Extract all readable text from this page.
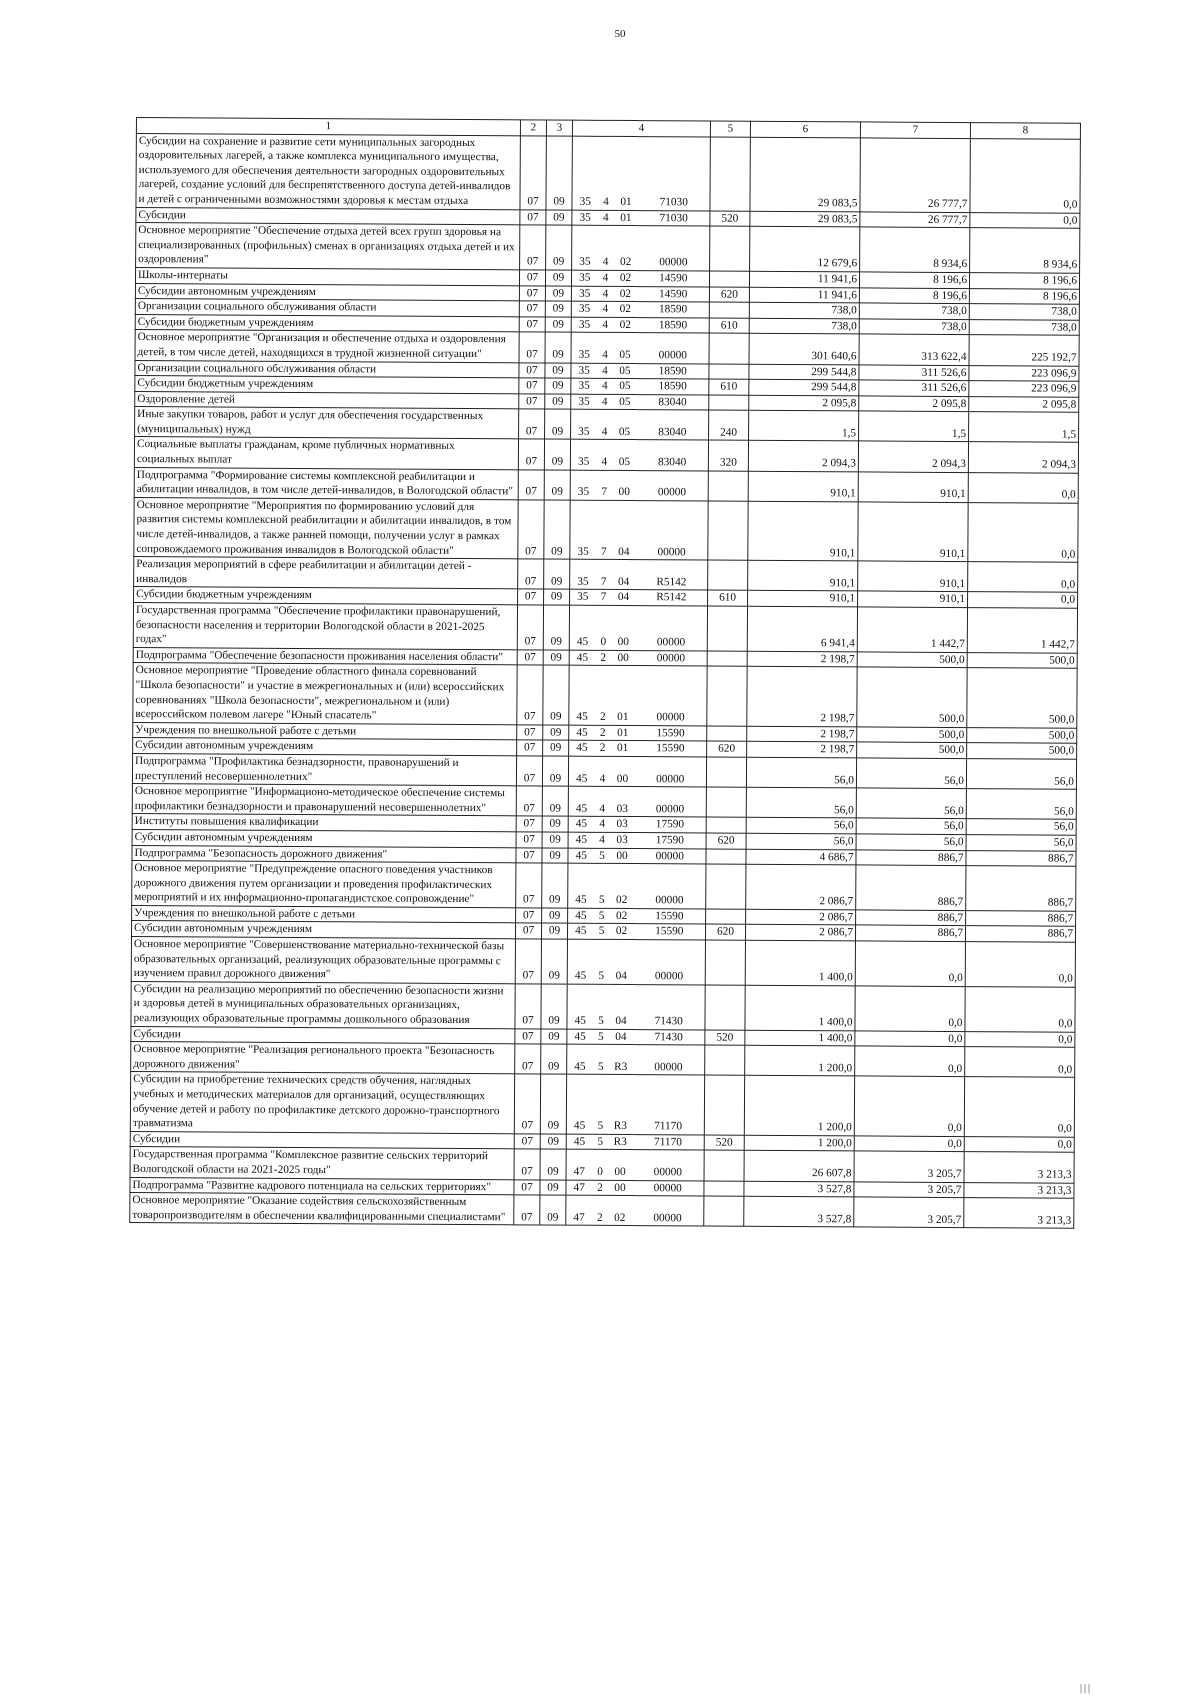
50
1	2	3	4				5	6	7	8
Субсидии на сохранение и развитие сети муниципальных загородных оздоровительных лагерей, а также комплекса муниципального имущества, используемого для обеспечения деятельности загородных оздоровительных лагерей, создание условий для беспрепятственного доступа детей-инвалидов и детей с ограниченными возможностями здоровья к местам отдыха	07	09	35	4	01	71030		29 083,5	26 777,7	0,0
Субсидии	07	09	35	4	01	71030	520	29 083,5	26 777,7	0,0
Основное мероприятие "Обеспечение отдыха детей всех групп здоровья на специализированных (профильных) сменах в организациях отдыха детей и их оздоровления"	07	09	35	4	02	00000		12 679,6	8 934,6	8 934,6
Школы-интернаты	07	09	35	4	02	14590		11 941,6	8 196,6	8 196,6
Субсидии автономным учреждениям	07	09	35	4	02	14590	620	11 941,6	8 196,6	8 196,6
Организации социального обслуживания области	07	09	35	4	02	18590		738,0	738,0	738,0
Субсидии бюджетным учреждениям	07	09	35	4	02	18590	610	738,0	738,0	738,0
Основное мероприятие "Организация и обеспечение отдыха и оздоровления детей, в том числе детей, находящихся в трудной жизненной ситуации"	07	09	35	4	05	00000		301 640,6	313 622,4	225 192,7
Организации социального обслуживания области	07	09	35	4	05	18590		299 544,8	311 526,6	223 096,9
Субсидии бюджетным учреждениям	07	09	35	4	05	18590	610	299 544,8	311 526,6	223 096,9
Оздоровление детей	07	09	35	4	05	83040		2 095,8	2 095,8	2 095,8
Иные закупки товаров, работ и услуг для обеспечения государственных (муниципальных) нужд	07	09	35	4	05	83040	240	1,5	1,5	1,5
Социальные выплаты гражданам, кроме публичных нормативных социальных выплат	07	09	35	4	05	83040	320	2 094,3	2 094,3	2 094,3
Подпрограмма "Формирование системы комплексной реабилитации и абилитации инвалидов, в том числе детей-инвалидов, в Вологодской области"	07	09	35	7	00	00000		910,1	910,1	0,0
Основное мероприятие "Мероприятия по формированию условий для развития системы комплексной реабилитации и абилитации инвалидов, в том числе детей-инвалидов, а также ранней помощи, получении услуг в рамках сопровождаемого проживания инвалидов в Вологодской области"	07	09	35	7	04	00000		910,1	910,1	0,0
Реализация мероприятий в сфере реабилитации и абилитации детей - инвалидов	07	09	35	7	04	R5142		910,1	910,1	0,0
Субсидии бюджетным учреждениям	07	09	35	7	04	R5142	610	910,1	910,1	0,0
Государственная программа "Обеспечение профилактики правонарушений, безопасности населения и территории Вологодской области в 2021-2025 годах"	07	09	45	0	00	00000		6 941,4	1 442,7	1 442,7
Подпрограмма "Обеспечение безопасности проживания населения области"	07	09	45	2	00	00000		2 198,7	500,0	500,0
Основное мероприятие "Проведение областного финала соревнований "Школа безопасности" и участие в межрегиональных и (или) всероссийских соревнованиях "Школа безопасности", межрегиональном и (или) всероссийском полевом лагере "Юный спасатель"	07	09	45	2	01	00000		2 198,7	500,0	500,0
Учреждения по внешкольной работе с детьми	07	09	45	2	01	15590		2 198,7	500,0	500,0
Субсидии автономным учреждениям	07	09	45	2	01	15590	620	2 198,7	500,0	500,0
Подпрограмма "Профилактика безнадзорности, правонарушений и преступлений несовершеннолетних"	07	09	45	4	00	00000		56,0	56,0	56,0
Основное мероприятие "Информационо-методическое обеспечение системы профилактики безнадзорности и правонарушений несовершеннолетних"	07	09	45	4	03	00000		56,0	56,0	56,0
Институты повышения квалификации	07	09	45	4	03	17590		56,0	56,0	56,0
Субсидии автономным учреждениям	07	09	45	4	03	17590	620	56,0	56,0	56,0
Подпрограмма "Безопасность дорожного движения"	07	09	45	5	00	00000		4 686,7	886,7	886,7
Основное мероприятие "Предупреждение опасного поведения участников дорожного движения путем организации и проведения профилактических мероприятий и их информационно-пропагандистское сопровождение"	07	09	45	5	02	00000		2 086,7	886,7	886,7
Учреждения по внешкольной работе с детьми	07	09	45	5	02	15590		2 086,7	886,7	886,7
Субсидии автономным учреждениям	07	09	45	5	02	15590	620	2 086,7	886,7	886,7
Основное мероприятие "Совершенствование материально-технической базы образовательных организаций, реализующих образовательные программы с изучением правил дорожного движения"	07	09	45	5	04	00000		1 400,0	0,0	0,0
Субсидии на реализацию мероприятий по обеспечению безопасности жизни и здоровья детей в муниципальных образовательных организациях, реализующих образовательные программы дошкольного образования	07	09	45	5	04	71430		1 400,0	0,0	0,0
Субсидии	07	09	45	5	04	71430	520	1 400,0	0,0	0,0
Основное мероприятие "Реализация регионального проекта "Безопасность дорожного движения"	07	09	45	5	R3	00000		1 200,0	0,0	0,0
Субсидии на приобретение технических средств обучения, наглядных учебных и методических материалов для организаций, осуществляющих обучение детей и работу по профилактике детского дорожно-транспортного травматизма	07	09	45	5	R3	71170		1 200,0	0,0	0,0
Субсидии	07	09	45	5	R3	71170	520	1 200,0	0,0	0,0
Государственная программа "Комплексное развитие сельских территорий Вологодской области на 2021-2025 годы"	07	09	47	0	00	00000		26 607,8	3 205,7	3 213,3
Подпрограмма "Развитие кадрового потенциала на сельских территориях"	07	09	47	2	00	00000		3 527,8	3 205,7	3 213,3
Основное мероприятие "Оказание содействия сельскохозяйственным товаропроизводителям в обеспечении квалифицированными специалистами"	07	09	47	2	02	00000		3 527,8	3 205,7	3 213,3
|||
